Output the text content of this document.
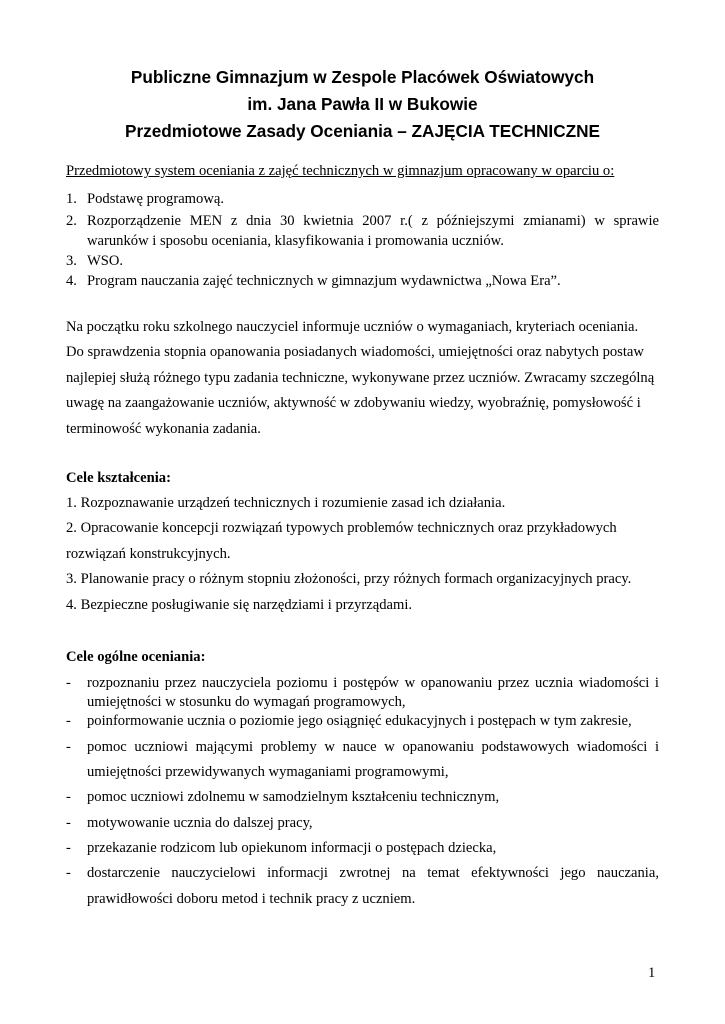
Publiczne Gimnazjum w Zespole Placówek Oświatowych
im. Jana Pawła II w Bukowie
Przedmiotowe Zasady Oceniania – ZAJĘCIA TECHNICZNE
Przedmiotowy system oceniania z zajęć technicznych w gimnazjum opracowany w oparciu o:
1. Podstawę programową.
2. Rozporządzenie MEN z dnia 30 kwietnia 2007 r.( z późniejszymi zmianami) w sprawie
warunków i sposobu oceniania, klasyfikowania i promowania uczniów.
3. WSO.
4. Program nauczania zajęć technicznych w gimnazjum wydawnictwa „Nowa Era”.
Na początku roku szkolnego nauczyciel informuje uczniów o wymaganiach, kryteriach oceniania.
Do sprawdzenia stopnia opanowania posiadanych wiadomości, umiejętności oraz nabytych postaw
najlepiej służą różnego typu zadania techniczne, wykonywane przez uczniów. Zwracamy szczególną
uwagę na zaangażowanie uczniów, aktywność w zdobywaniu wiedzy, wyobraźnię, pomysłowość i
terminowość wykonania zadania.
Cele kształcenia:
1. Rozpoznawanie urządzeń technicznych i rozumienie zasad ich działania.
2. Opracowanie koncepcji rozwiązań typowych problemów technicznych oraz przykładowych
rozwiązań konstrukcyjnych.
3. Planowanie pracy o różnym stopniu złożoności, przy różnych formach organizacyjnych pracy.
4. Bezpieczne posługiwanie się narzędziami i przyrządami.
Cele ogólne oceniania:
- rozpoznaniu przez nauczyciela poziomu i postępów w opanowaniu przez ucznia wiadomości i
umiejętności w stosunku do wymagań programowych,
- poinformowanie ucznia o poziomie jego osiągnięć edukacyjnych i postępach w tym zakresie,
- pomoc uczniowi mającymi problemy w nauce w opanowaniu podstawowych wiadomości i
umiejętności przewidywanych wymaganiami programowymi,
- pomoc uczniowi zdolnemu w samodzielnym kształceniu technicznym,
- motywowanie ucznia do dalszej pracy,
- przekazanie rodzicom lub opiekunom informacji o postępach dziecka,
- dostarczenie nauczycielowi informacji zwrotnej na temat efektywności jego nauczania,
prawidłowości doboru metod i technik pracy z uczniem.
1
